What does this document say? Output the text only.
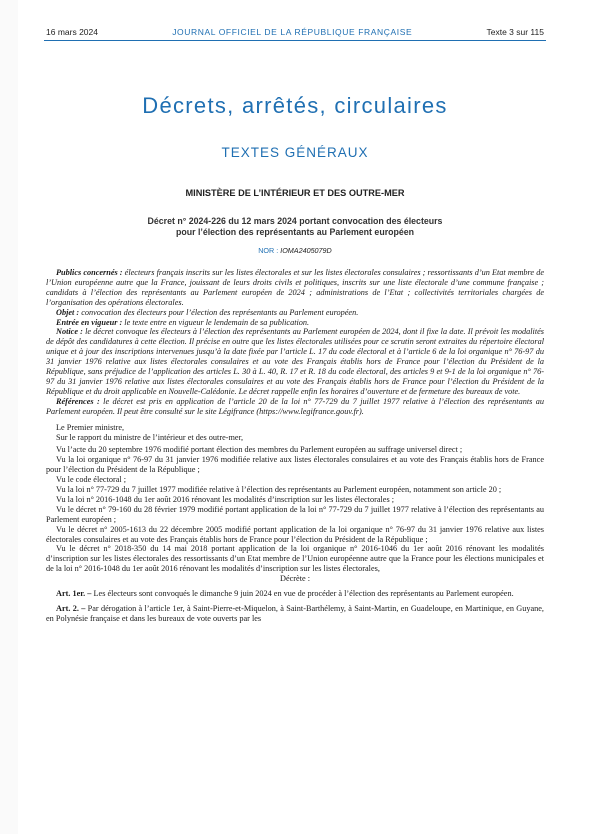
16 mars 2024	JOURNAL OFFICIEL DE LA RÉPUBLIQUE FRANÇAISE	Texte 3 sur 115
Décrets, arrêtés, circulaires
TEXTES GÉNÉRAUX
MINISTÈRE DE L’INTÉRIEUR ET DES OUTRE-MER
Décret n° 2024-226 du 12 mars 2024 portant convocation des électeurs
pour l’élection des représentants au Parlement européen
NOR : IOMA2405079D

Publics concernés : électeurs français inscrits sur les listes électorales et sur les listes électorales consulaires ; ressortissants d’un Etat membre de l’Union européenne autre que la France, jouissant de leurs droits civils et politiques, inscrits sur une liste électorale d’une commune française ; candidats à l’élection des représentants au Parlement européen de 2024 ; administrations de l’Etat ; collectivités territoriales chargées de l’organisation des opérations électorales.

Objet : convocation des électeurs pour l’élection des représentants au Parlement européen.

Entrée en vigueur : le texte entre en vigueur le lendemain de sa publication.

Notice : le décret convoque les électeurs à l’élection des représentants au Parlement européen de 2024, dont il fixe la date. Il prévoit les modalités de dépôt des candidatures à cette élection. Il précise en outre que les listes électorales utilisées pour ce scrutin seront extraites du répertoire électoral unique et à jour des inscriptions intervenues jusqu’à la date fixée par l’article L. 17 du code électoral et à l’article 6 de la loi organique n° 76-97 du 31 janvier 1976 relative aux listes électorales consulaires et au vote des Français établis hors de France pour l’élection du Président de la République, sans préjudice de l’application des articles L. 30 à L. 40, R. 17 et R. 18 du code électoral, des articles 9 et 9-1 de la loi organique n° 76-97 du 31 janvier 1976 relative aux listes électorales consulaires et au vote des Français établis hors de France pour l’élection du Président de la République et du droit applicable en Nouvelle-Calédonie. Le décret rappelle enfin les horaires d’ouverture et de fermeture des bureaux de vote.

Références : le décret est pris en application de l’article 20 de la loi n° 77-729 du 7 juillet 1977 relative à l’élection des représentants au Parlement européen. Il peut être consulté sur le site Légifrance (https://www.legifrance.gouv.fr).

Le Premier ministre,

Sur le rapport du ministre de l’intérieur et des outre-mer,

Vu l’acte du 20 septembre 1976 modifié portant élection des membres du Parlement européen au suffrage universel direct ;

Vu la loi organique n° 76-97 du 31 janvier 1976 modifiée relative aux listes électorales consulaires et au vote des Français établis hors de France pour l’élection du Président de la République ;

Vu le code électoral ;

Vu la loi n° 77-729 du 7 juillet 1977 modifiée relative à l’élection des représentants au Parlement européen, notamment son article 20 ;

Vu la loi n° 2016-1048 du 1er août 2016 rénovant les modalités d’inscription sur les listes électorales ;

Vu le décret n° 79-160 du 28 février 1979 modifié portant application de la loi n° 77-729 du 7 juillet 1977 relative à l’élection des représentants au Parlement européen ;

Vu le décret n° 2005-1613 du 22 décembre 2005 modifié portant application de la loi organique n° 76-97 du 31 janvier 1976 relative aux listes électorales consulaires et au vote des Français établis hors de France pour l’élection du Président de la République ;

Vu le décret n° 2018-350 du 14 mai 2018 portant application de la loi organique n° 2016-1046 du 1er août 2016 rénovant les modalités d’inscription sur les listes électorales des ressortissants d’un Etat membre de l’Union européenne autre que la France pour les élections municipales et de la loi n° 2016-1048 du 1er août 2016 rénovant les modalités d’inscription sur les listes électorales,

Décrète :

Art. 1er. – Les électeurs sont convoqués le dimanche 9 juin 2024 en vue de procéder à l’élection des représentants au Parlement européen.

Art. 2. – Par dérogation à l’article 1er, à Saint-Pierre-et-Miquelon, à Saint-Barthélemy, à Saint-Martin, en Guadeloupe, en Martinique, en Guyane, en Polynésie française et dans les bureaux de vote ouverts par les
